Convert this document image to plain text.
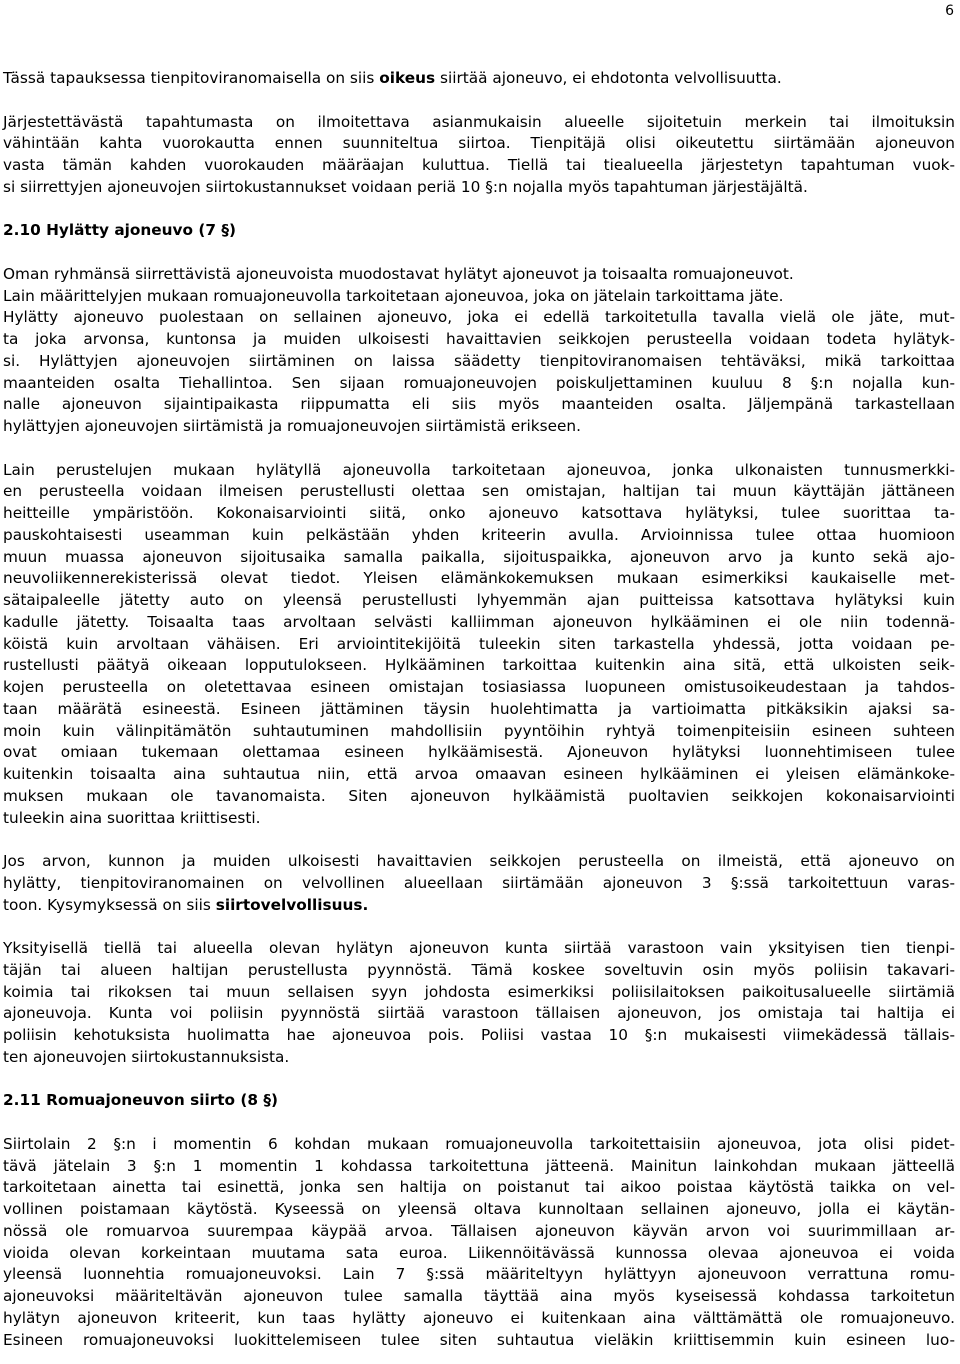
6
Tässä tapauksessa tienpitoviranomaisella on siis oikeus siirtää ajoneuvo, ei ehdotonta velvollisuutta.
Järjestettävästä tapahtumasta on ilmoitettava asianmukaisin alueelle sijoitetuin merkein tai ilmoituksin
vähintään kahta vuorokautta ennen suunniteltua siirtoa. Tienpitäjä olisi oikeutettu siirtämään ajoneuvon
vasta tämän kahden vuorokauden määräajan kuluttua. Tiellä tai tiealueella järjestetyn tapahtuman vuok-
si siirrettyjen ajoneuvojen siirtokustannukset voidaan periä 10 §:n nojalla myös tapahtuman järjestäjältä.
2.10 Hylätty ajoneuvo (7 §)
Oman ryhmänsä siirrettävistä ajoneuvoista muodostavat hylätyt ajoneuvot ja toisaalta romuajoneuvot.
Lain määrittelyjen mukaan romuajoneuvolla tarkoitetaan ajoneuvoa, joka on jätelain tarkoittama jäte.
Hylätty ajoneuvo puolestaan on sellainen ajoneuvo, joka ei edellä tarkoitetulla tavalla vielä ole jäte, mut-
ta joka arvonsa, kuntonsa ja muiden ulkoisesti havaittavien seikkojen perusteella voidaan todeta hylätyk-
si. Hylättyjen ajoneuvojen siirtäminen on laissa säädetty tienpitoviranomaisen tehtäväksi, mikä tarkoittaa
maanteiden osalta Tiehallintoa. Sen sijaan romuajoneuvojen poiskuljettaminen kuuluu 8 §:n nojalla kun-
nalle ajoneuvon sijaintipaikasta riippumatta eli siis myös maanteiden osalta. Jäljempänä tarkastellaan
hylättyjen ajoneuvojen siirtämistä ja romuajoneuvojen siirtämistä erikseen.
Lain perustelujen mukaan hylätyllä ajoneuvolla tarkoitetaan ajoneuvoa, jonka ulkonaisten tunnusmerkki-
en perusteella voidaan ilmeisen perustellusti olettaa sen omistajan, haltijan tai muun käyttäjän jättäneen
heitteille ympäristöön. Kokonaisarviointi siitä, onko ajoneuvo katsottava hylätyksi, tulee suorittaa ta-
pauskohtaisesti useamman kuin pelkästään yhden kriteerin avulla. Arvioinnissa tulee ottaa huomioon
muun muassa ajoneuvon sijoitusaika samalla paikalla, sijoituspaikka, ajoneuvon arvo ja kunto sekä ajo-
neuvoliikennerekisterissä olevat tiedot. Yleisen elämänkokemuksen mukaan esimerkiksi kaukaiselle met-
sätaipaleelle jätetty auto on yleensä perustellusti lyhyemmän ajan puitteissa katsottava hylätyksi kuin
kadulle jätetty. Toisaalta taas arvoltaan selvästi kalliimman ajoneuvon hylkääminen ei ole niin todennä-
köistä kuin arvoltaan vähäisen. Eri arviointitekijöitä tuleekin siten tarkastella yhdessä, jotta voidaan pe-
rustellusti päätyä oikeaan lopputulokseen. Hylkääminen tarkoittaa kuitenkin aina sitä, että ulkoisten seik-
kojen perusteella on oletettavaa esineen omistajan tosiasiassa luopuneen omistusoikeudestaan ja tahdos-
taan määrätä esineestä. Esineen jättäminen täysin huolehtimatta ja vartioimatta pitkäksikin ajaksi sa-
moin kuin välinpitämätön suhtautuminen mahdollisiin pyyntöihin ryhtyä toimenpiteisiin esineen suhteen
ovat omiaan tukemaan olettamaa esineen hylkäämisestä. Ajoneuvon hylätyksi luonnehtimiseen tulee
kuitenkin toisaalta aina suhtautua niin, että arvoa omaavan esineen hylkääminen ei yleisen elämänkoke-
muksen mukaan ole tavanomaista. Siten ajoneuvon hylkäämistä puoltavien seikkojen kokonaisarviointi
tuleekin aina suorittaa kriittisesti.
Jos arvon, kunnon ja muiden ulkoisesti havaittavien seikkojen perusteella on ilmeistä, että ajoneuvo on
hylätty, tienpitoviranomainen on velvollinen alueellaan siirtämään ajoneuvon 3 §:ssä tarkoitettuun varas-
toon. Kysymyksessä on siis siirtovelvollisuus.
Yksityisellä tiellä tai alueella olevan hylätyn ajoneuvon kunta siirtää varastoon vain yksityisen tien tienpi-
täjän tai alueen haltijan perustellusta pyynnöstä. Tämä koskee soveltuvin osin myös poliisin takavari-
koimia tai rikoksen tai muun sellaisen syyn johdosta esimerkiksi poliisilaitoksen paikoitusalueelle siirtämiä
ajoneuvoja. Kunta voi poliisin pyynnöstä siirtää varastoon tällaisen ajoneuvon, jos omistaja tai haltija ei
poliisin kehotuksista huolimatta hae ajoneuvoa pois. Poliisi vastaa 10 §:n mukaisesti viimekädessä tällais-
ten ajoneuvojen siirtokustannuksista.
2.11 Romuajoneuvon siirto (8 §)
Siirtolain 2 §:n i momentin 6 kohdan mukaan romuajoneuvolla tarkoitettaisiin ajoneuvoa, jota olisi pidet-
tävä jätelain 3 §:n 1 momentin 1 kohdassa tarkoitettuna jätteenä. Mainitun lainkohdan mukaan jätteellä
tarkoitetaan ainetta tai esinettä, jonka sen haltija on poistanut tai aikoo poistaa käytöstä taikka on vel-
vollinen poistamaan käytöstä. Kyseessä on yleensä oltava kunnoltaan sellainen ajoneuvo, jolla ei käytän-
nössä ole romuarvoa suurempaa käypää arvoa. Tällaisen ajoneuvon käyvän arvon voi suurimmillaan ar-
vioida olevan korkeintaan muutama sata euroa. Liikennöitävässä kunnossa olevaa ajoneuvoa ei voida
yleensä luonnehtia romuajoneuvoksi. Lain 7 §:ssä määriteltyyn hylättyyn ajoneuvoon verrattuna romu-
ajoneuvoksi määriteltävän ajoneuvon tulee samalla täyttää aina myös kyseisessä kohdassa tarkoitetun
hylätyn ajoneuvon kriteerit, kun taas hylätty ajoneuvo ei kuitenkaan aina välttämättä ole romuajoneuvo.
Esineen romuajoneuvoksi luokittelemiseen tulee siten suhtautua vieläkin kriittisemmin kuin esineen luo-
